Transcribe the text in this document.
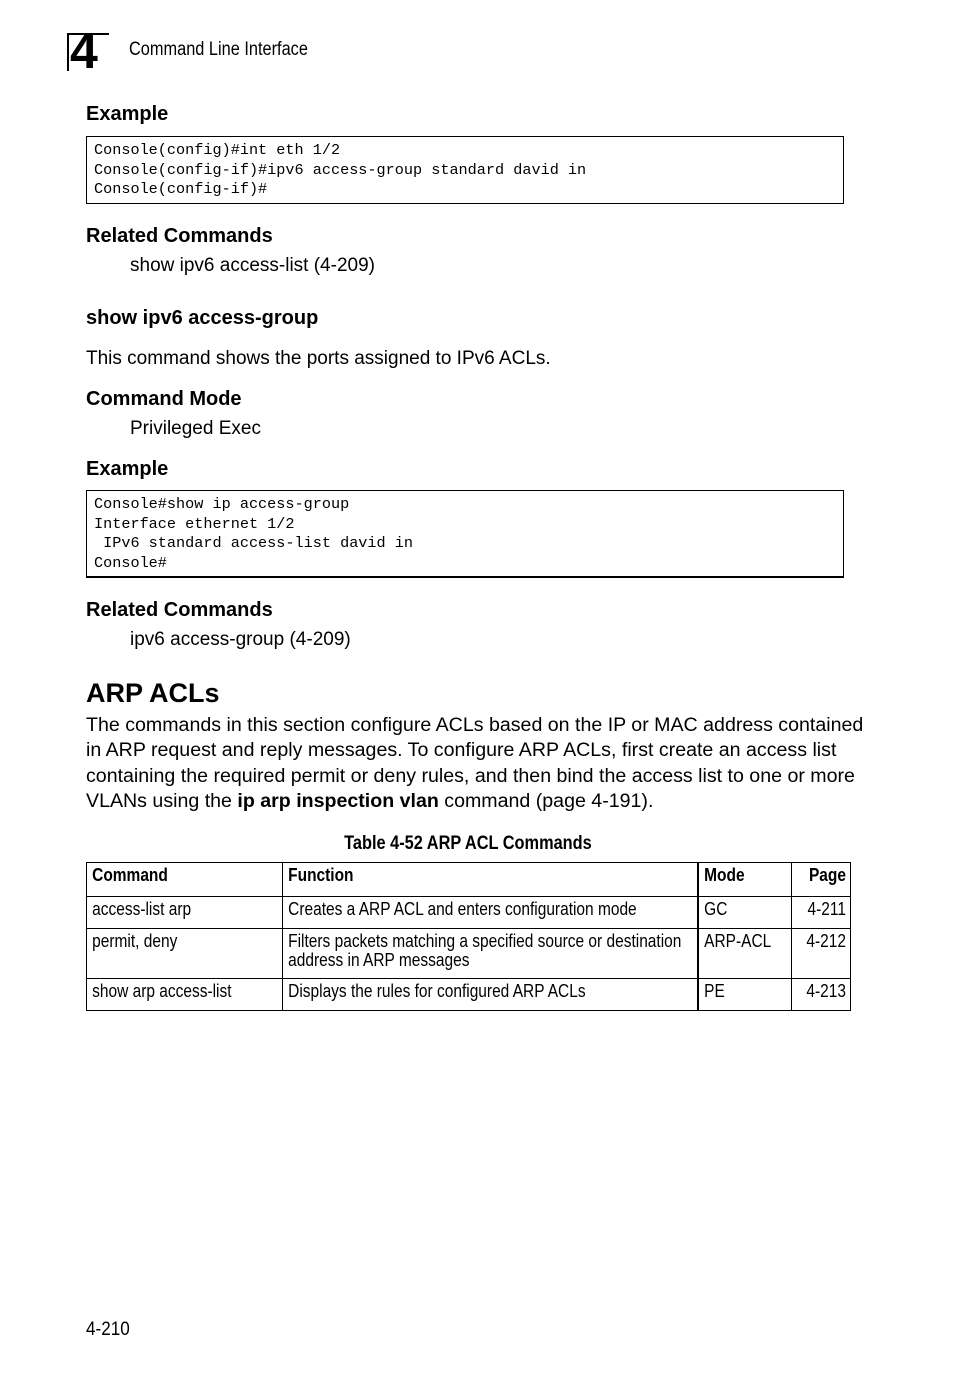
4 Command Line Interface
Example
Console(config)#int eth 1/2
Console(config-if)#ipv6 access-group standard david in
Console(config-if)#
Related Commands
show ipv6 access-list (4-209)
show ipv6 access-group
This command shows the ports assigned to IPv6 ACLs.
Command Mode
Privileged Exec
Example
Console#show ip access-group
Interface ethernet 1/2
IPv6 standard access-list david in
Console#
Related Commands
ipv6 access-group (4-209)
ARP ACLs
The commands in this section configure ACLs based on the IP or MAC address contained in ARP request and reply messages. To configure ARP ACLs, first create an access list containing the required permit or deny rules, and then bind the access list to one or more VLANs using the ip arp inspection vlan command (page 4-191).
Table 4-52 ARP ACL Commands
Command	Function	Mode	Page

access-list arp	Creates a ARP ACL and enters configuration mode	GC	4-211

permit, deny	Filters packets matching a specified source or destination address in ARP messages	ARP-ACL	4-212

show arp access-list	Displays the rules for configured ARP ACLs	PE	4-213
4-210
